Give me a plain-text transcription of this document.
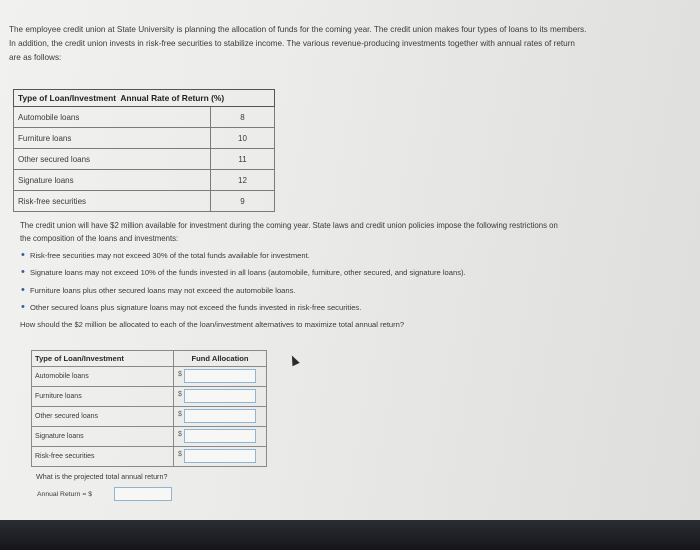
The employee credit union at State University is planning the allocation of funds for the coming year. The credit union makes four types of loans to its members.

In addition, the credit union invests in risk-free securities to stabilize income. The various revenue-producing investments together with annual rates of return

are as follows:

Type of Loan/Investment Annual Rate of Return (%)	
Automobile loans	8
Furniture loans	10
Other secured loans	11
Signature loans	12
Risk-free securities	9

The credit union will have $2 million available for investment during the coming year. State laws and credit union policies impose the following restrictions on

the composition of the loans and investments:

• Risk-free securities may not exceed 30% of the total funds available for investment.
• Signature loans may not exceed 10% of the funds invested in all loans (automobile, furniture, other secured, and signature loans).
• Furniture loans plus other secured loans may not exceed the automobile loans.
• Other secured loans plus signature loans may not exceed the funds invested in risk-free securities.

How should the $2 million be allocated to each of the loan/investment alternatives to maximize total annual return?

Type of Loan/Investment	Fund Allocation
Automobile loans	$

Furniture loans	$

Other secured loans	$

Signature loans	$

Risk-free securities	$
What is the projected total annual return?
Annual Return = $
